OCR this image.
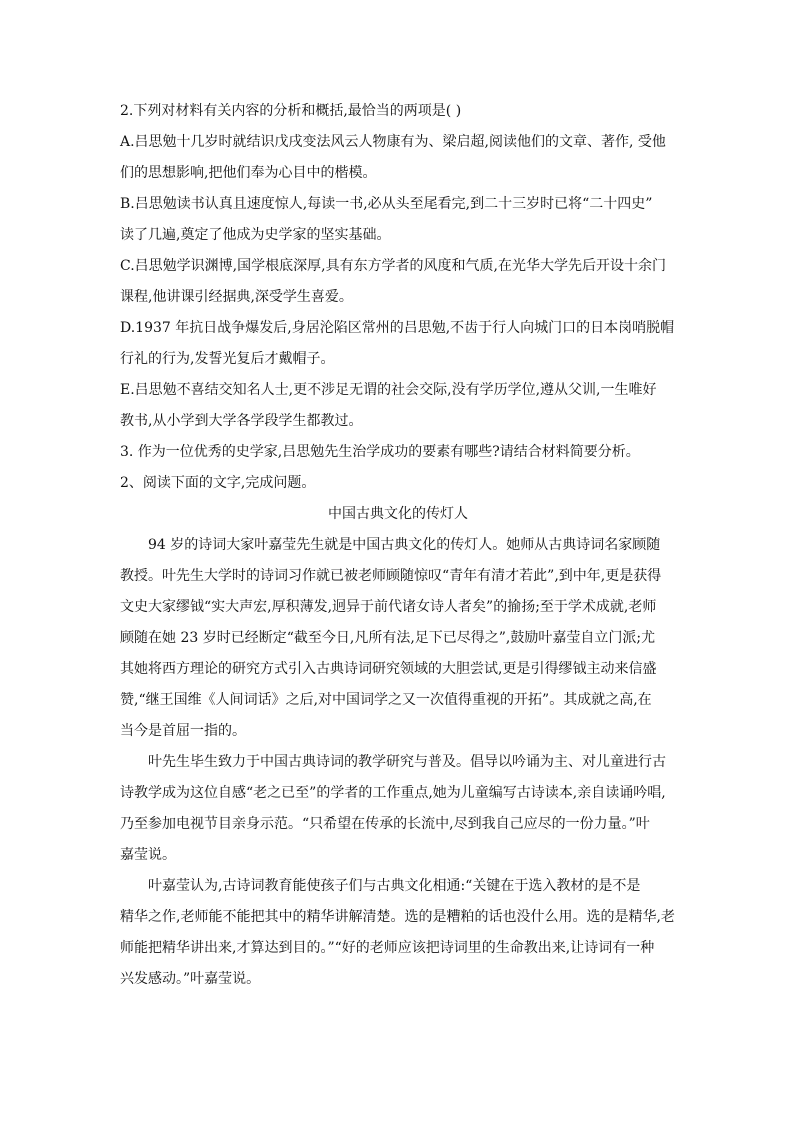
2.下列对材料有关内容的分析和概括,最恰当的两项是( )
A.吕思勉十几岁时就结识戊戌变法风云人物康有为、梁启超,阅读他们的文章、著作, 受他
们的思想影响,把他们奉为心目中的楷模。
B.吕思勉读书认真且速度惊人,每读一书,必从头至尾看完,到二十三岁时已将“二十四史”
读了几遍,奠定了他成为史学家的坚实基础。
C.吕思勉学识渊博,国学根底深厚,具有东方学者的风度和气质,在光华大学先后开设十余门
课程,他讲课引经据典,深受学生喜爱。
D.1937 年抗日战争爆发后,身居沦陷区常州的吕思勉,不齿于行人向城门口的日本岗哨脱帽
行礼的行为,发誓光复后才戴帽子。
E.吕思勉不喜结交知名人士,更不涉足无谓的社会交际,没有学历学位,遵从父训,一生唯好
教书,从小学到大学各学段学生都教过。
3. 作为一位优秀的史学家,吕思勉先生治学成功的要素有哪些?请结合材料简要分析。
2、阅读下面的文字,完成问题。
中国古典文化的传灯人
94 岁的诗词大家叶嘉莹先生就是中国古典文化的传灯人。她师从古典诗词名家顾随
教授。叶先生大学时的诗词习作就已被老师顾随惊叹“青年有清才若此”,到中年,更是获得
文史大家缪钺“实大声宏,厚积薄发,迥异于前代诸女诗人者矣”的揄扬;至于学术成就,老师
顾随在她 23 岁时已经断定“截至今日,凡所有法,足下已尽得之”,鼓励叶嘉莹自立门派;尤
其她将西方理论的研究方式引入古典诗词研究领域的大胆尝试,更是引得缪钺主动来信盛
赞,“继王国维《人间词话》之后,对中国词学之又一次值得重视的开拓”。其成就之高,在
当今是首屈一指的。
叶先生毕生致力于中国古典诗词的教学研究与普及。倡导以吟诵为主、对儿童进行古
诗教学成为这位自感“老之已至”的学者的工作重点,她为儿童编写古诗读本,亲自读诵吟唱,
乃至参加电视节目亲身示范。“只希望在传承的长流中,尽到我自己应尽的一份力量。”叶
嘉莹说。
叶嘉莹认为,古诗词教育能使孩子们与古典文化相通:“关键在于选入教材的是不是
精华之作,老师能不能把其中的精华讲解清楚。选的是糟粕的话也没什么用。选的是精华,老
师能把精华讲出来,才算达到目的。”“好的老师应该把诗词里的生命教出来,让诗词有一种
兴发感动。”叶嘉莹说。
